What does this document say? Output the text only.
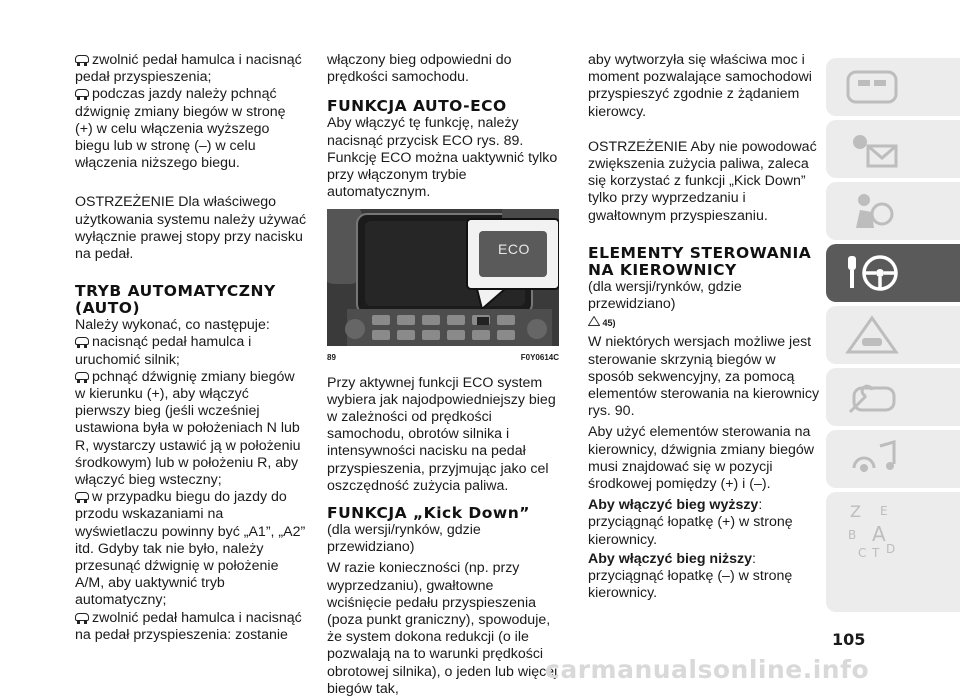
zwolnić pedał hamulca i nacisnąć pedał przyspieszenia;

podczas jazdy należy pchnąć dźwignię zmiany biegów w stronę (+) w celu włączenia wyższego biegu lub w stronę (–) w celu włączenia niższego biegu.

OSTRZEŻENIE Dla właściwego użytkowania systemu należy używać wyłącznie prawej stopy przy nacisku na pedał.

TRYB AUTOMATYCZNY (AUTO)

Należy wykonać, co następuje:

nacisnąć pedał hamulca i uruchomić silnik;

pchnąć dźwignię zmiany biegów w kierunku (+), aby włączyć pierwszy bieg (jeśli wcześniej ustawiona była w położeniach N lub R, wystarczy ustawić ją w położeniu środkowym) lub w położeniu R, aby włączyć bieg wsteczny;

w przypadku biegu do jazdy do przodu wskazaniami na wyświetlaczu powinny być „A1”, „A2” itd. Gdyby tak nie było, należy przesunąć dźwignię w położenie A/M, aby uaktywnić tryb automatyczny;

zwolnić pedał hamulca i nacisnąć na pedał przyspieszenia: zostanie

włączony bieg odpowiedni do prędkości samochodu.

FUNKCJA AUTO-ECO

Aby włączyć tę funkcję, należy nacisnąć przycisk ECO rys. 89. Funkcję ECO można uaktywnić tylko przy włączonym trybie automatycznym.

ECO
89	F0Y0614C

Przy aktywnej funkcji ECO system wybiera jak najodpowiedniejszy bieg w zależności od prędkości samochodu, obrotów silnika i intensywności nacisku na pedał przyspieszenia, przyjmując jako cel oszczędność zużycia paliwa.

FUNKCJA „Kick Down”

(dla wersji/rynków, gdzie przewidziano)

W razie konieczności (np. przy wyprzedzaniu), gwałtowne wciśnięcie pedału przyspieszenia (poza punkt graniczny), spowoduje, że system dokona redukcji (o ile pozwalają na to warunki prędkości obrotowej silnika), o jeden lub więcej biegów tak,

aby wytworzyła się właściwa moc i moment pozwalające samochodowi przyspieszyć zgodnie z żądaniem kierowcy.

OSTRZEŻENIE Aby nie powodować zwiększenia zużycia paliwa, zaleca się korzystać z funkcji „Kick Down” tylko przy wyprzedzaniu i gwałtownym przyspieszaniu.

ELEMENTY STEROWANIA NA KIEROWNICY

(dla wersji/rynków, gdzie przewidziano)

45)

W niektórych wersjach możliwe jest sterowanie skrzynią biegów w sposób sekwencyjny, za pomocą elementów sterowania na kierownicy rys. 90.

Aby użyć elementów sterowania na kierownicy, dźwignia zmiany biegów musi znajdować się w pozycji środkowej pomiędzy (+) i (–).

Aby włączyć bieg wyższy:

przyciągnąć łopatkę (+) w stronę kierownicy.

Aby włączyć bieg niższy:

przyciągnąć łopatkę (–) w stronę kierownicy.

Z E
B A
C T D
105
carmanualsonline.info
